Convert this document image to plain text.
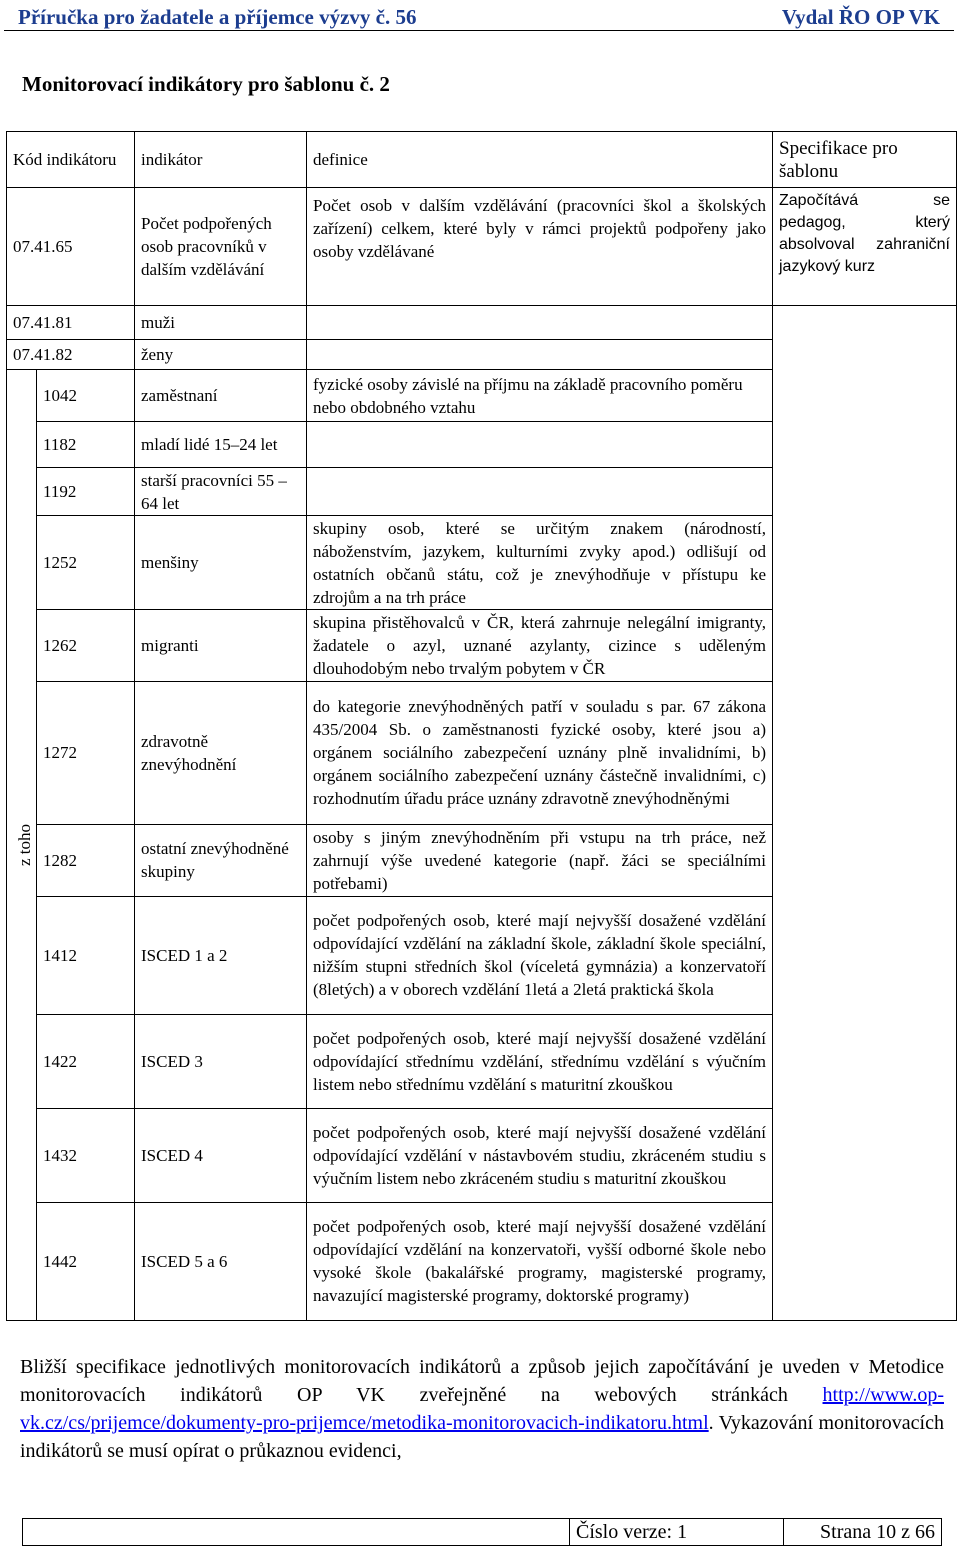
Příručka pro žadatele a příjemce výzvy č. 56	Vydal ŘO OP VK
Monitorovací indikátory pro šablonu č. 2
Kód indikátoru		indikátor	definice	Specifikace pro šablonu
07.41.65		Počet podpořených osob pracovníků v dalším vzdělávání	Počet osob v dalším vzdělávání (pracovníci škol a školských zařízení) celkem, které byly v rámci projektů podpořeny jako osoby vzdělávané	Započítává se pedagog, který absolvoval zahraniční jazykový kurz
07.41.81		muži		
07.41.82		ženy		

z toho	1042	zaměstnaní	fyzické osoby závislé na příjmu na základě pracovního poměru nebo obdobného vztahu	
	1182	mladí lidé 15–24 let		
	1192	starší pracovníci 55 –64 let		
	1252	menšiny	skupiny osob, které se určitým znakem (národností, náboženstvím, jazykem, kulturními zvyky apod.) odlišují od ostatních občanů státu, což je znevýhodňuje v přístupu ke zdrojům a na trh práce	
	1262	migranti	skupina přistěhovalců v ČR, která zahrnuje nelegální imigranty, žadatele o azyl, uznané azylanty, cizince s uděleným dlouhodobým nebo trvalým pobytem v ČR	
	1272	zdravotně znevýhodnění	do kategorie znevýhodněných patří v souladu s par. 67 zákona 435/2004 Sb. o zaměstnanosti fyzické osoby, které jsou a) orgánem sociálního zabezpečení uznány plně invalidními, b) orgánem sociálního zabezpečení uznány částečně invalidními, c) rozhodnutím úřadu práce uznány zdravotně znevýhodněnými	
	1282	ostatní znevýhodněné skupiny	osoby s jiným znevýhodněním při vstupu na trh práce, než zahrnují výše uvedené kategorie (např. žáci se speciálními potřebami)	
	1412	ISCED 1 a 2	počet podpořených osob, které mají nejvyšší dosažené vzdělání odpovídající vzdělání na základní škole, základní škole speciální, nižším stupni středních škol (víceletá gymnázia) a konzervatoří (8letých) a v oborech vzdělání 1letá a 2letá praktická škola	
	1422	ISCED 3	počet podpořených osob, které mají nejvyšší dosažené vzdělání odpovídající střednímu vzdělání, střednímu vzdělání s výučním listem nebo střednímu vzdělání s maturitní zkouškou	
	1432	ISCED 4	počet podpořených osob, které mají nejvyšší dosažené vzdělání odpovídající vzdělání v nástavbovém studiu, zkráceném studiu s výučním listem nebo zkráceném studiu s maturitní zkouškou	
	1442	ISCED 5 a 6	počet podpořených osob, které mají nejvyšší dosažené vzdělání odpovídající vzdělání na konzervatoři, vyšší odborné škole nebo vysoké škole (bakalářské programy, magisterské programy, navazující magisterské programy, doktorské programy)	
Bližší specifikace jednotlivých monitorovacích indikátorů a způsob jejich započítávání je uveden v Metodice monitorovacích indikátorů OP VK zveřejněné na webových stránkách http://www.op-vk.cz/cs/prijemce/dokumenty-pro-prijemce/metodika-monitorovacich-indikatoru.html. Vykazování monitorovacích indikátorů se musí opírat o průkaznou evidenci,
Číslo verze: 1	Strana 10 z 66
